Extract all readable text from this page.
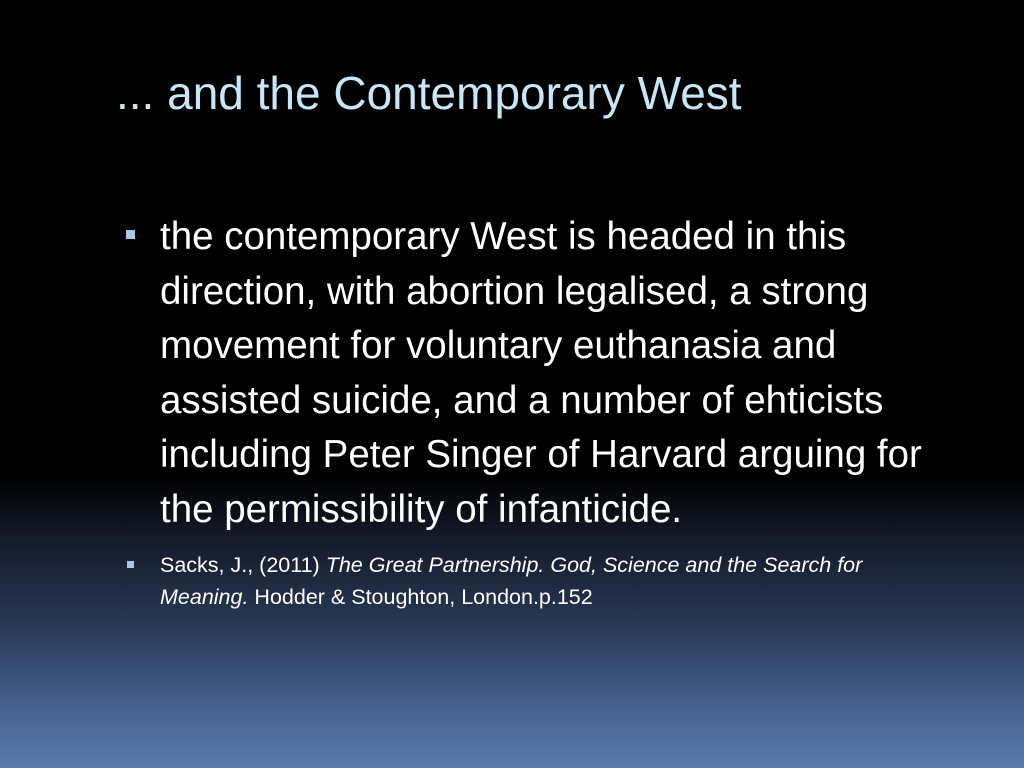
... and the Contemporary West
the contemporary West is headed in this direction, with abortion legalised, a strong movement for voluntary euthanasia and assisted suicide, and a number of ehticists including Peter Singer of Harvard arguing for the permissibility of infanticide.
Sacks, J., (2011) The Great Partnership. God, Science and the Search for Meaning. Hodder & Stoughton, London.p.152
